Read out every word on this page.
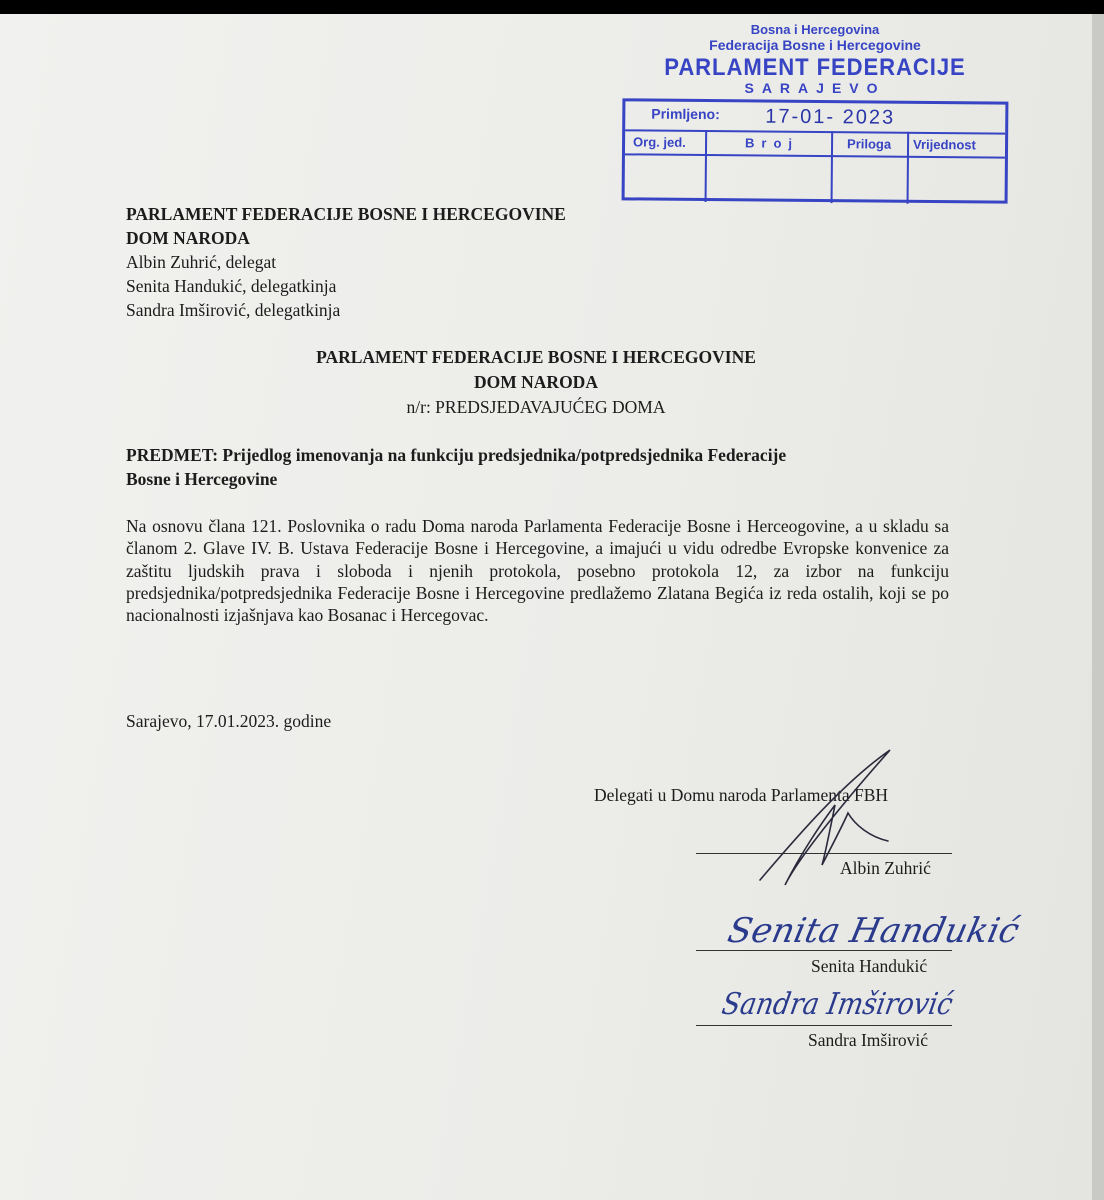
Bosna i Hercegovina
Federacija Bosne i Hercegovine
PARLAMENT FEDERACIJE
SARAJEVO
Primljeno: 17-01- 2023
Org. jed.	Broj	Priloga Vrijednost
PARLAMENT FEDERACIJE BOSNE I HERCEGOVINE
DOM NARODA
Albin Zuhrić, delegat
Senita Handukić, delegatkinja
Sandra Imširović, delegatkinja
PARLAMENT FEDERACIJE BOSNE I HERCEGOVINE
DOM NARODA
n/r: PREDSJEDAVAJUĆEG DOMA
PREDMET: Prijedlog imenovanja na funkciju predsjednika/potpredsjednika Federacije
Bosne i Hercegovine
Na osnovu člana 121. Poslovnika o radu Doma naroda Parlamenta Federacije Bosne i Herceogovine, a u skladu sa članom 2. Glave IV. B. Ustava Federacije Bosne i Hercegovine, a imajući u vidu odredbe Evropske konvenice za zaštitu ljudskih prava i sloboda i njenih protokola, posebno protokola 12, za izbor na funkciju predsjednika/potpredsjednika Federacije Bosne i Hercegovine predlažemo Zlatana Begića iz reda ostalih, koji se po nacionalnosti izjašnjava kao Bosanac i Hercegovac.
Sarajevo, 17.01.2023. godine
Delegati u Domu naroda Parlamenta FBH
Albin Zuhrić
Senita Handukić
Sandra Imširović
Senita Handukić
Sandra Imširović
